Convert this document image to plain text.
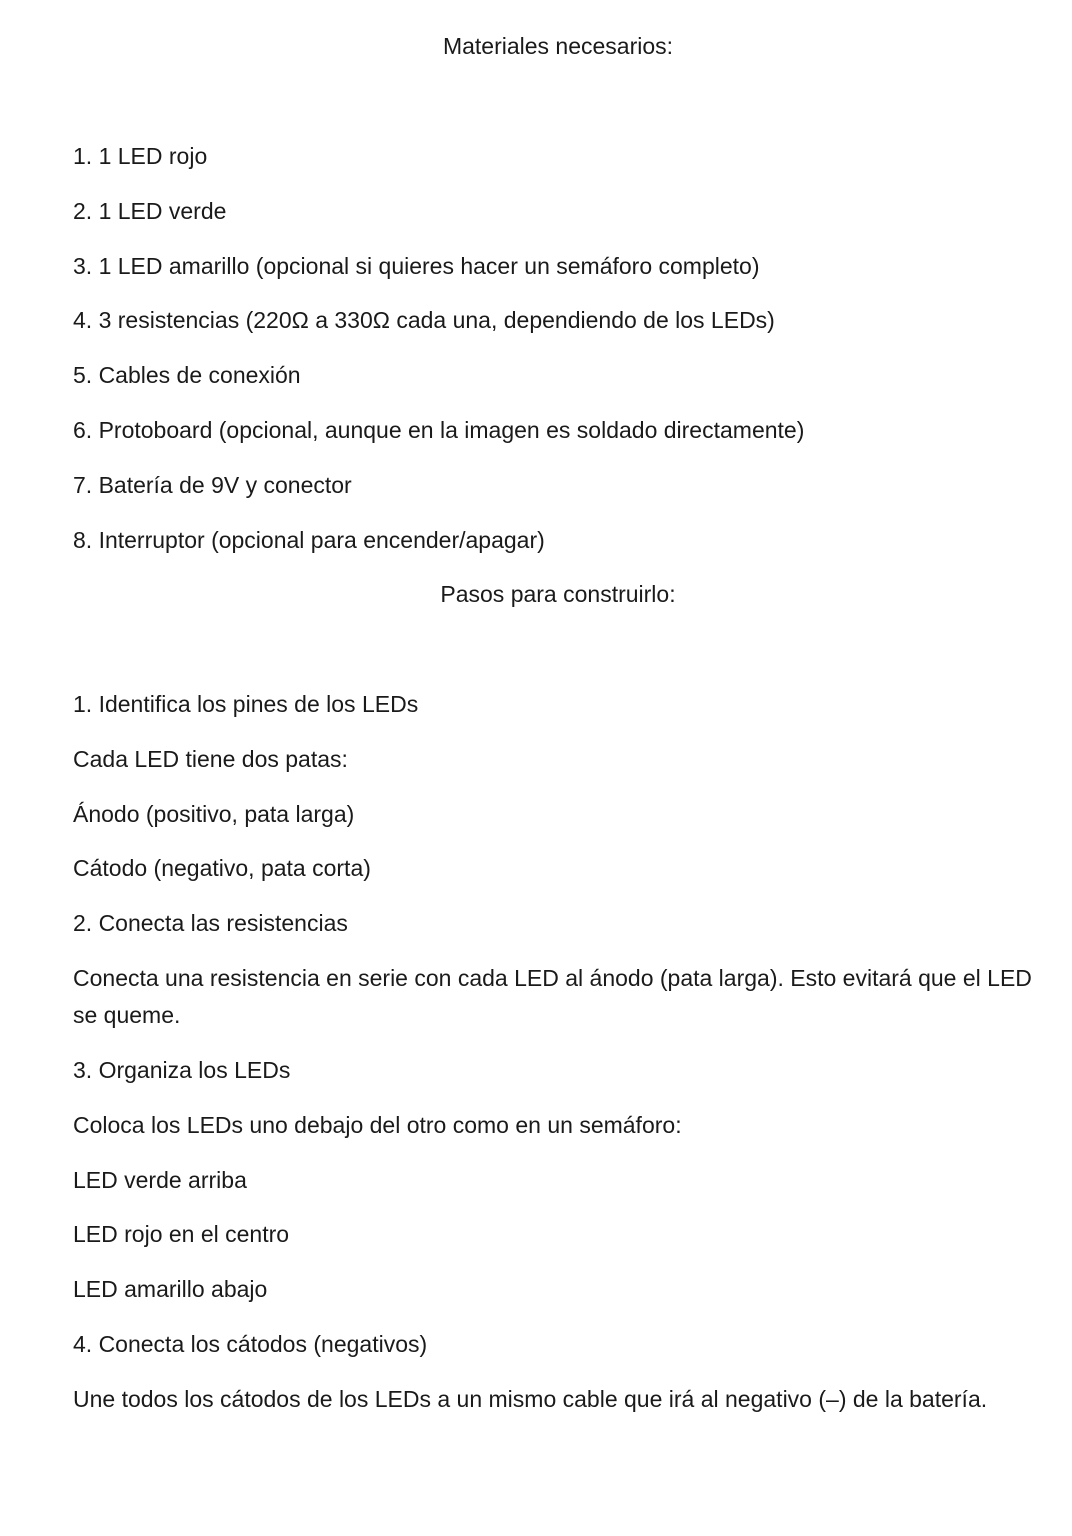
Materiales necesarios:

1. 1 LED rojo

2. 1 LED verde

3. 1 LED amarillo (opcional si quieres hacer un semáforo completo)

4. 3 resistencias (220Ω a 330Ω cada una, dependiendo de los LEDs)

5. Cables de conexión

6. Protoboard (opcional, aunque en la imagen es soldado directamente)

7. Batería de 9V y conector

8. Interruptor (opcional para encender/apagar)

Pasos para construirlo:

1. Identifica los pines de los LEDs

Cada LED tiene dos patas:

Ánodo (positivo, pata larga)

Cátodo (negativo, pata corta)

2. Conecta las resistencias

Conecta una resistencia en serie con cada LED al ánodo (pata larga). Esto evitará que el LED se queme.

3. Organiza los LEDs

Coloca los LEDs uno debajo del otro como en un semáforo:

LED verde arriba

LED rojo en el centro

LED amarillo abajo

4. Conecta los cátodos (negativos)

Une todos los cátodos de los LEDs a un mismo cable que irá al negativo (–) de la batería.
